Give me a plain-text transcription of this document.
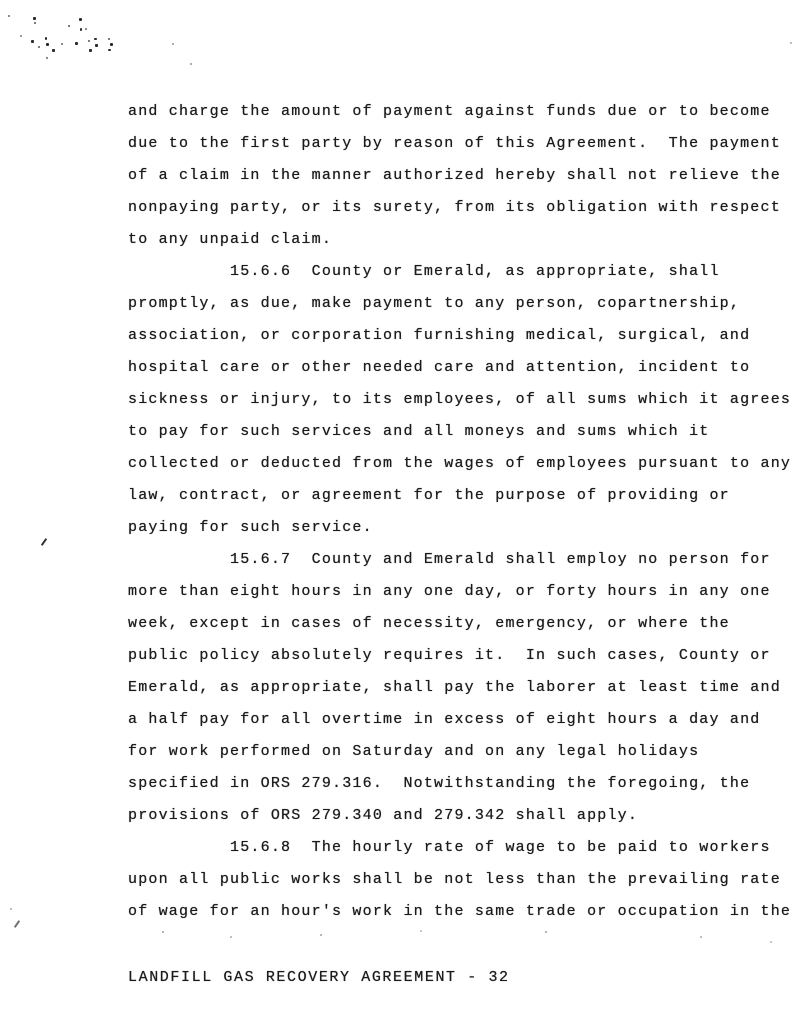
and charge the amount of payment against funds due or to become
due to the first party by reason of this Agreement.  The payment
of a claim in the manner authorized hereby shall not relieve the
nonpaying party, or its surety, from its obligation with respect
to any unpaid claim.
15.6.6  County or Emerald, as appropriate, shall
promptly, as due, make payment to any person, copartnership,
association, or corporation furnishing medical, surgical, and
hospital care or other needed care and attention, incident to
sickness or injury, to its employees, of all sums which it agrees
to pay for such services and all moneys and sums which it
collected or deducted from the wages of employees pursuant to any
law, contract, or agreement for the purpose of providing or
paying for such service.
15.6.7  County and Emerald shall employ no person for
more than eight hours in any one day, or forty hours in any one
week, except in cases of necessity, emergency, or where the
public policy absolutely requires it.  In such cases, County or
Emerald, as appropriate, shall pay the laborer at least time and
a half pay for all overtime in excess of eight hours a day and
for work performed on Saturday and on any legal holidays
specified in ORS 279.316.  Notwithstanding the foregoing, the
provisions of ORS 279.340 and 279.342 shall apply.
15.6.8  The hourly rate of wage to be paid to workers
upon all public works shall be not less than the prevailing rate
of wage for an hour's work in the same trade or occupation in the
LANDFILL GAS RECOVERY AGREEMENT - 32
